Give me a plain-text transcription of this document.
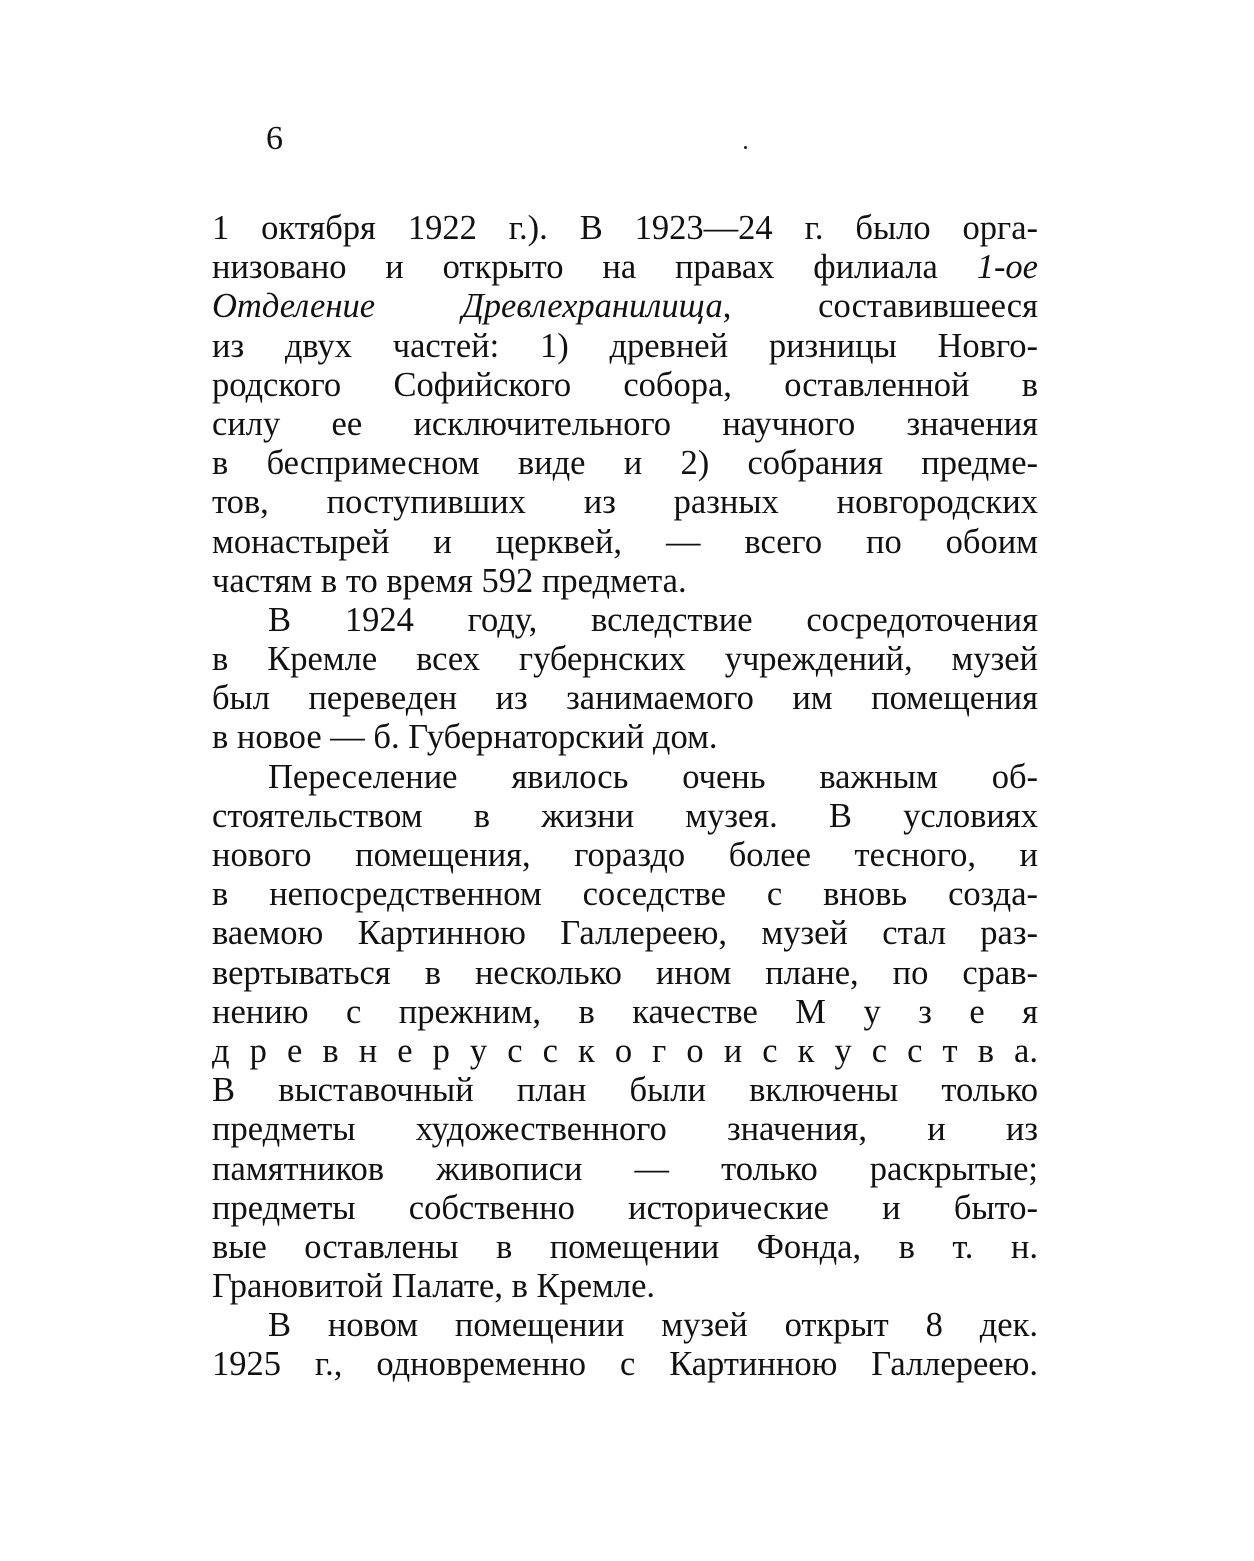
6
1 октября 1922 г.). В 1923—24 г. было орга-
низовано и открыто на правах филиала 1-ое
Отделение Древлехранилища, составившееся
из двух частей: 1) древней ризницы Новго-
родского Софийского собора, оставленной в
силу ее исключительного научного значения
в беспримесном виде и 2) собрания предме-
тов, поступивших из разных новгородских
монастырей и церквей, — всего по обоим
частям в то время 592 предмета.
В 1924 году, вследствие сосредоточения
в Кремле всех губернских учреждений, музей
был переведен из занимаемого им помещения
в новое — б. Губернаторский дом.
Переселение явилось очень важным об-
стоятельством в жизни музея. В условиях
нового помещения, гораздо более тесного, и
в непосредственном соседстве с вновь созда-
ваемою Картинною Галлереею, музей стал раз-
вертываться в несколько ином плане, по срав-
нению с прежним, в качестве М у з е я
д р е в н е р у с с к о г о и с к у с с т в а.
В выставочный план были включены только
предметы художественного значения, и из
памятников живописи — только раскрытые;
предметы собственно исторические и быто-
вые оставлены в помещении Фонда, в т. н.
Грановитой Палате, в Кремле.
В новом помещении музей открыт 8 дек.
1925 г., одновременно с Картинною Галлереею.
